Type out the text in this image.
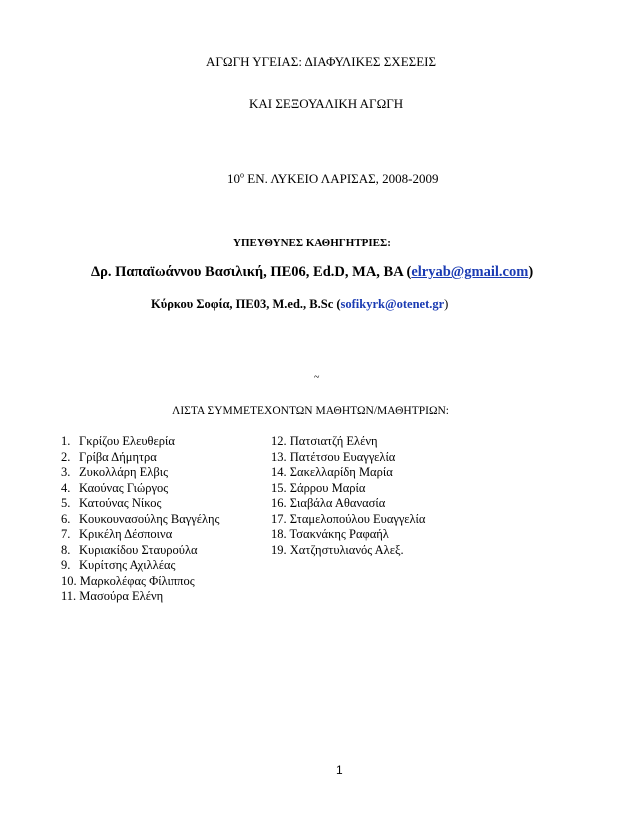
ΑΓΩΓΗ ΥΓΕΙΑΣ: ΔΙΑΦΥΛΙΚΕΣ ΣΧΕΣΕΙΣ
ΚΑΙ ΣΕΞΟΥΑΛΙΚΗ ΑΓΩΓΗ
$10^o$ ΕΝ. ΛΥΚΕΙΟ ΛΑΡΙΣΑΣ, 2008-2009
ΥΠΕΥΘΥΝΕΣ ΚΑΘΗΓΗΤΡΙΕΣ:
Δρ. Παπαϊωάννου Βασιλική, ΠΕ06, Ed.D, MA, BA (elryab@gmail.com)
Κύρκου Σοφία, ΠΕ03, M.ed., B.Sc (sofikyrk@otenet.gr)
~
ΛΙΣΤΑ ΣΥΜΜΕΤΕΧΟΝΤΩΝ ΜΑΘΗΤΩΝ/ΜΑΘΗΤΡΙΩΝ:
1. Γκρίζου Ελευθερία
2. Γρίβα Δήμητρα
3. Ζυκολλάρη Ελβις
4. Καούνας Γιώργος
5. Κατούνας Νίκος
6. Κουκουνασούλης Βαγγέλης
7. Κρικέλη Δέσποινα
8. Κυριακίδου Σταυρούλα
9. Κυρίτσης Αχιλλέας
10. Μαρκολέφας Φίλιππος
11. Μασούρα Ελένη
12. Πατσιατζή Ελένη
13. Πατέτσου Ευαγγελία
14. Σακελλαρίδη Μαρία
15. Σάρρου Μαρία
16. Σιαβάλα Αθανασία
17. Σταμελοπούλου Ευαγγελία
18. Τσακνάκης Ραφαήλ
19. Χατζηστυλιανός Αλεξ.
1
